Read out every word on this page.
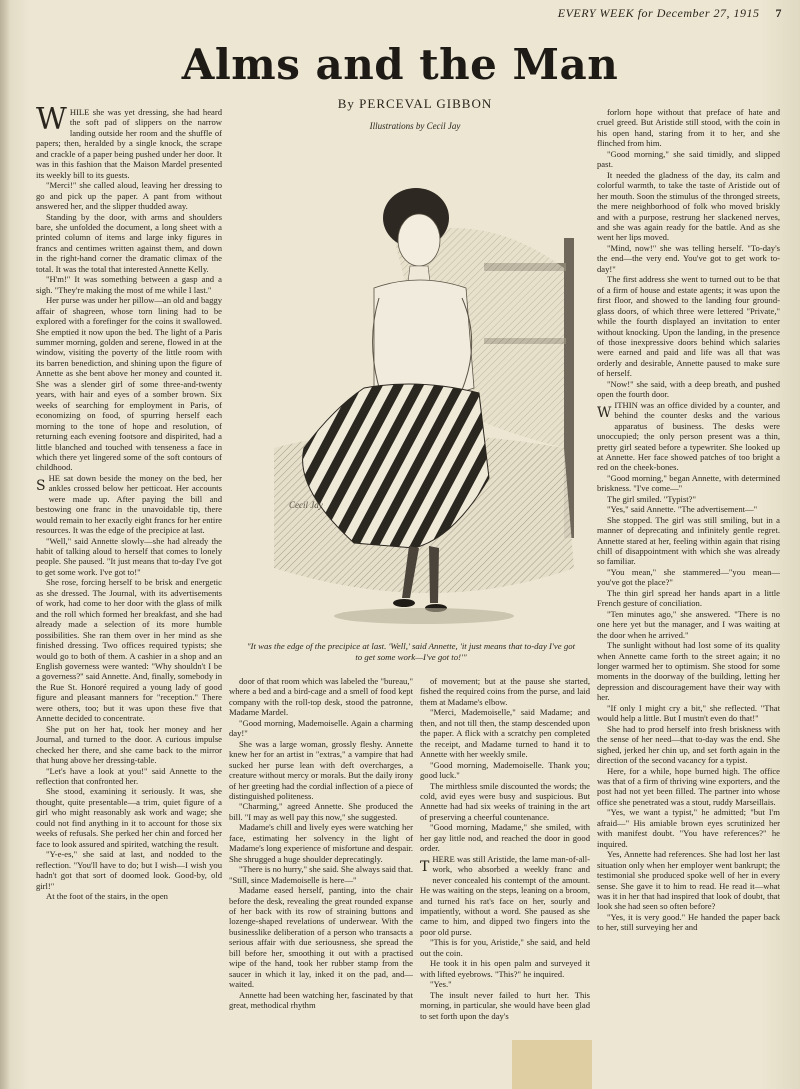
EVERY WEEK for December 27, 1915 7
Alms and the Man
By PERCEVAL GIBBON
Illustrations by Cecil Jay

WHILE she was yet dressing, she had heard the soft pad of slippers on the narrow landing outside her room and the shuffle of papers; then, heralded by a single knock, the scrape and crackle of a paper being pushed under her door. It was in this fashion that the Maison Mardel presented its weekly bill to its guests.

"Merci!" she called aloud, leaving her dressing to go and pick up the paper. A pant from without answered her, and the slipper thudded away.

Standing by the door, with arms and shoulders bare, she unfolded the document, a long sheet with a printed column of items and large inky figures in francs and centimes written against them, and down in the right-hand corner the dramatic climax of the total. It was the total that interested Annette Kelly.

"H'm!" It was something between a gasp and a sigh. "They're making the most of me while I last."

Her purse was under her pillow—an old and baggy affair of shagreen, whose torn lining had to be explored with a forefinger for the coins it swallowed. She emptied it now upon the bed. The light of a Paris summer morning, golden and serene, flowed in at the window, visiting the poverty of the little room with its barren benediction, and shining upon the figure of Annette as she bent above her money and counted it. She was a slender girl of some three-and-twenty years, with hair and eyes of a somber brown. Six weeks of searching for employment in Paris, of economizing on food, of spurring herself each morning to the tone of hope and resolution, of returning each evening footsore and dispirited, had a little blanched and touched with tenseness a face in which there yet lingered some of the soft contours of childhood.

SHE sat down beside the money on the bed, her ankles crossed below her petticoat. Her accounts were made up. After paying the bill and bestowing one franc in the unavoidable tip, there would remain to her exactly eight francs for her entire resources. It was the edge of the precipice at last.

"Well," said Annette slowly—she had already the habit of talking aloud to herself that comes to lonely people. She paused. "It just means that to-day I've got to get some work. I've got to!"

She rose, forcing herself to be brisk and energetic as she dressed. The Journal, with its advertisements of work, had come to her door with the glass of milk and the roll which formed her breakfast, and she had already made a selection of its more humble possibilities. She ran them over in her mind as she finished dressing. Two offices required typists; she would go to both of them. A cashier in a shop and an English governess were wanted: "Why shouldn't I be a governess?" said Annette. And, finally, somebody in the Rue St. Honoré required a young lady of good figure and pleasant manners for "reception." There were others, too; but it was upon these five that Annette decided to concentrate.

She put on her hat, took her money and her Journal, and turned to the door. A curious impulse checked her there, and she came back to the mirror that hung above her dressing-table.

"Let's have a look at you!" said Annette to the reflection that confronted her.

She stood, examining it seriously. It was, she thought, quite presentable—a trim, quiet figure of a girl who might reasonably ask work and wage; she could not find anything in it to account for those six weeks of refusals. She perked her chin and forced her face to look assured and spirited, watching the result.

"Y-e-es," she said at last, and nodded to the reflection. "You'll have to do; but I wish—I wish you hadn't got that sort of doomed look. Good-by, old girl!"

At the foot of the stairs, in the open

door of that room which was labeled the "bureau," where a bed and a bird-cage and a smell of food kept company with the roll-top desk, stood the patronne, Madame Mardel.

"Good morning, Mademoiselle. Again a charming day!"

She was a large woman, grossly fleshy. Annette knew her for an artist in "extras," a vampire that had sucked her purse lean with deft overcharges, a creature without mercy or morals. But the daily irony of her greeting had the cordial inflection of a piece of distinguished politeness.

"Charming," agreed Annette. She produced the bill. "I may as well pay this now," she suggested.

Madame's chill and lively eyes were watching her face, estimating her solvency in the light of Madame's long experience of misfortune and despair. She shrugged a huge shoulder deprecatingly.

"There is no hurry," she said. She always said that. "Still, since Mademoiselle is here—"

Madame eased herself, panting, into the chair before the desk, revealing the great rounded expanse of her back with its row of straining buttons and lozenge-shaped revelations of underwear. With the businesslike deliberation of a person who transacts a serious affair with due seriousness, she spread the bill before her, smoothing it out with a practised wipe of the hand, took her rubber stamp from the saucer in which it lay, inked it on the pad, and—waited.

Annette had been watching her, fascinated by that great, methodical rhythm

of movement; but at the pause she started, fished the required coins from the purse, and laid them at Madame's elbow.

"Merci, Mademoiselle," said Madame; and then, and not till then, the stamp descended upon the paper. A flick with a scratchy pen completed the receipt, and Madame turned to hand it to Annette with her weekly smile.

"Good morning, Mademoiselle. Thank you; good luck."

The mirthless smile discounted the words; the cold, avid eyes were busy and suspicious. But Annette had had six weeks of training in the art of preserving a cheerful countenance.

"Good morning, Madame," she smiled, with her gay little nod, and reached the door in good order.

THERE was still Aristide, the lame man-of-all-work, who absorbed a weekly franc and never concealed his contempt of the amount. He was waiting on the steps, leaning on a broom, and turned his rat's face on her, sourly and impatiently, without a word. She paused as she came to him, and dipped two fingers into the poor old purse.

"This is for you, Aristide," she said, and held out the coin.

He took it in his open palm and surveyed it with lifted eyebrows. "This?" he inquired.

"Yes."

The insult never failed to hurt her. This morning, in particular, she would have been glad to set forth upon the day's

forlorn hope without that preface of hate and cruel greed. But Aristide still stood, with the coin in his open hand, staring from it to her, and she flinched from him.

"Good morning," she said timidly, and slipped past.

It needed the gladness of the day, its calm and colorful warmth, to take the taste of Aristide out of her mouth. Soon the stimulus of the thronged streets, the mere neighborhood of folk who moved briskly and with a purpose, restrung her slackened nerves, and she was again ready for the battle. And as she went her lips moved.

"Mind, now!" she was telling herself. "To-day's the end—the very end. You've got to get work to-day!"

The first address she went to turned out to be that of a firm of house and estate agents; it was upon the first floor, and showed to the landing four ground-glass doors, of which three were lettered "Private," while the fourth displayed an invitation to enter without knocking. Upon the landing, in the presence of those inexpressive doors behind which salaries were earned and paid and life was all that was orderly and desirable, Annette paused to make sure of herself.

"Now!" she said, with a deep breath, and pushed open the fourth door.

WITHIN was an office divided by a counter, and behind the counter desks and the various apparatus of business. The desks were unoccupied; the only person present was a thin, pretty girl seated before a typewriter. She looked up at Annette. Her face showed patches of too bright a red on the cheek-bones.

"Good morning," began Annette, with determined briskness. "I've come—"

The girl smiled. "Typist?"

"Yes," said Annette. "The advertisement—"

She stopped. The girl was still smiling, but in a manner of deprecating and infinitely gentle regret. Annette stared at her, feeling within again that rising chill of disappointment with which she was already so familiar.

"You mean," she stammered—"you mean—you've got the place?"

The thin girl spread her hands apart in a little French gesture of conciliation.

"Ten minutes ago," she answered. "There is no one here yet but the manager, and I was waiting at the door when he arrived."

The sunlight without had lost some of its quality when Annette came forth to the street again; it no longer warmed her to optimism. She stood for some moments in the doorway of the building, letting her depression and discouragement have their way with her.

"If only I might cry a bit," she reflected. "That would help a little. But I mustn't even do that!"

She had to prod herself into fresh briskness with the sense of her need—that to-day was the end. She sighed, jerked her chin up, and set forth again in the direction of the second vacancy for a typist.

Here, for a while, hope burned high. The office was that of a firm of thriving wine exporters, and the post had not yet been filled. The partner into whose office she penetrated was a stout, ruddy Marseillais.

"Yes, we want a typist," he admitted; "but I'm afraid—" His amiable brown eyes scrutinized her with manifest doubt. "You have references?" he inquired.

Yes, Annette had references. She had lost her last situation only when her employer went bankrupt; the testimonial she produced spoke well of her in every sense. She gave it to him to read. He read it—what was it in her that had inspired that look of doubt, that look she had seen so often before?

"Yes, it is very good." He handed the paper back to her, still surveying her and

Cecil Jay
"It was the edge of the precipice at last. 'Well,' said Annette, 'it just means that to-day I've got to get some work—I've got to!'"
